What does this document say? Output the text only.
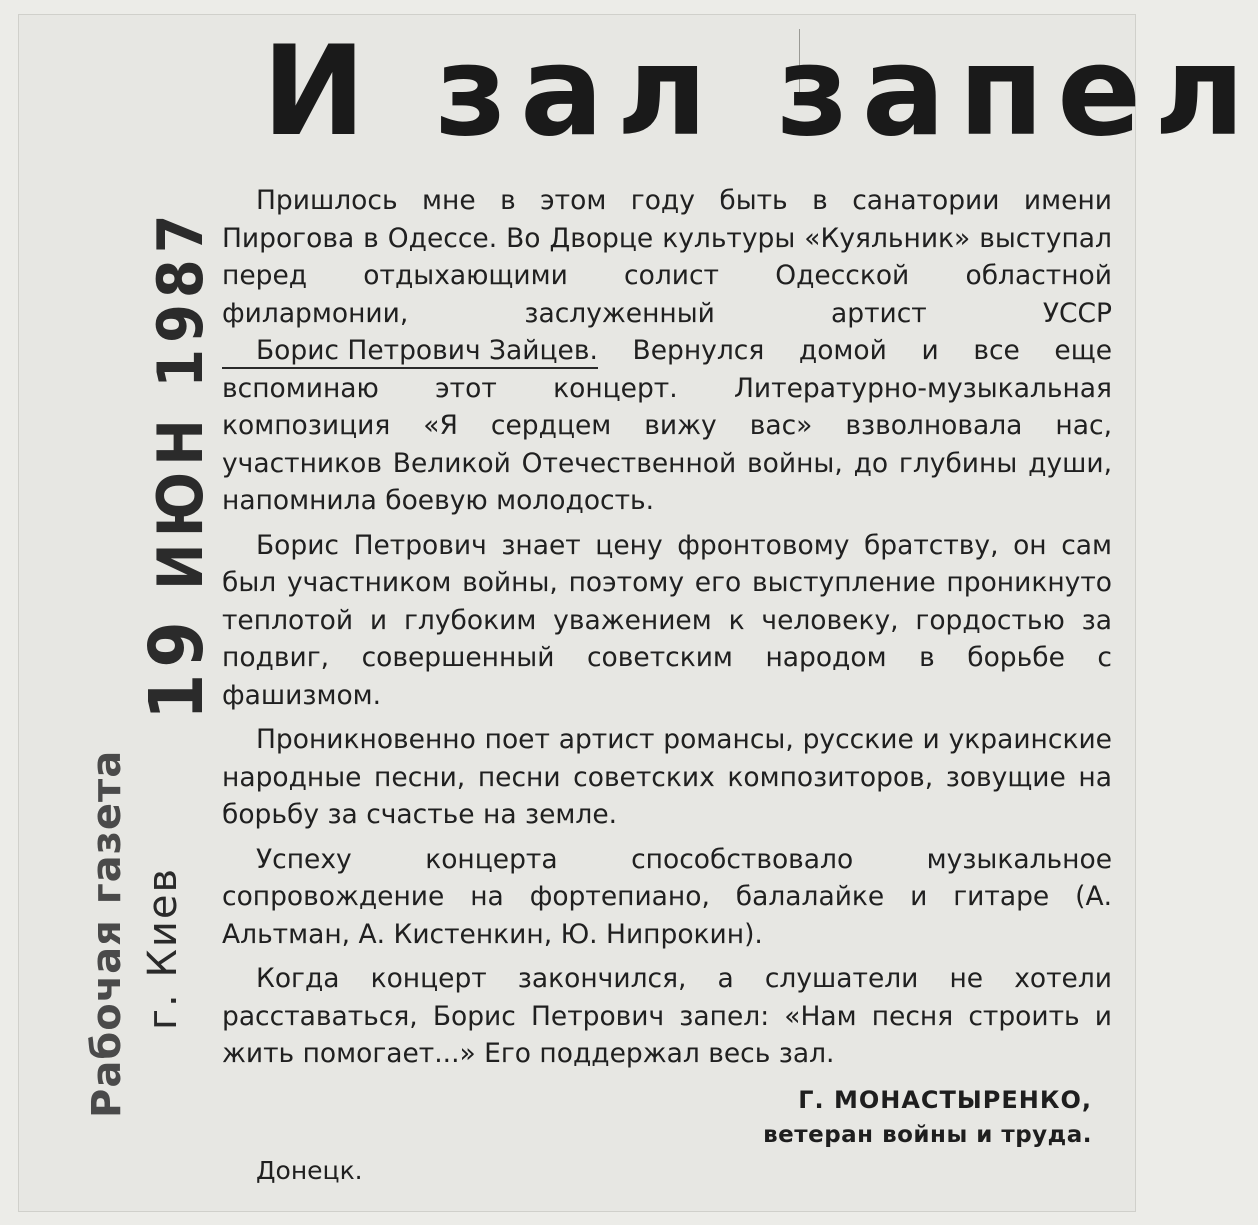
И зал запел

Пришлось мне в этом году быть в санатории имени Пирогова в Одессе. Во Дворце культуры «Куяльник» выступал перед отдыхающими солист Одесской областной филармонии, заслуженный артист УССР Борис Петрович Зайцев. Вернулся домой и все еще вспоминаю этот концерт. Литературно-музыкальная композиция «Я сердцем вижу вас» взволновала нас, участников Великой Отечественной войны, до глубины души, напомнила боевую молодость.

Борис Петрович знает цену фронтовому братству, он сам был участником войны, поэтому его выступление проникнуто теплотой и глубоким уважением к человеку, гордостью за подвиг, совершенный советским народом в борьбе с фашизмом.

Проникновенно поет артист романсы, русские и украинские народные песни, песни советских композиторов, зовущие на борьбу за счастье на земле.

Успеху концерта способствовало музыкальное сопровождение на фортепиано, балалайке и гитаре (А. Альтман, А. Кистенкин, Ю. Нипрокин).

Когда концерт закончился, а слушатели не хотели расставаться, Борис Петрович запел: «Нам песня строить и жить помогает...» Его поддержал весь зал.

Г. МОНАСТЫРЕНКО,
ветеран войны и труда.
Донецк.
19 ИЮН 1987
Рабочая газета г. Киев
